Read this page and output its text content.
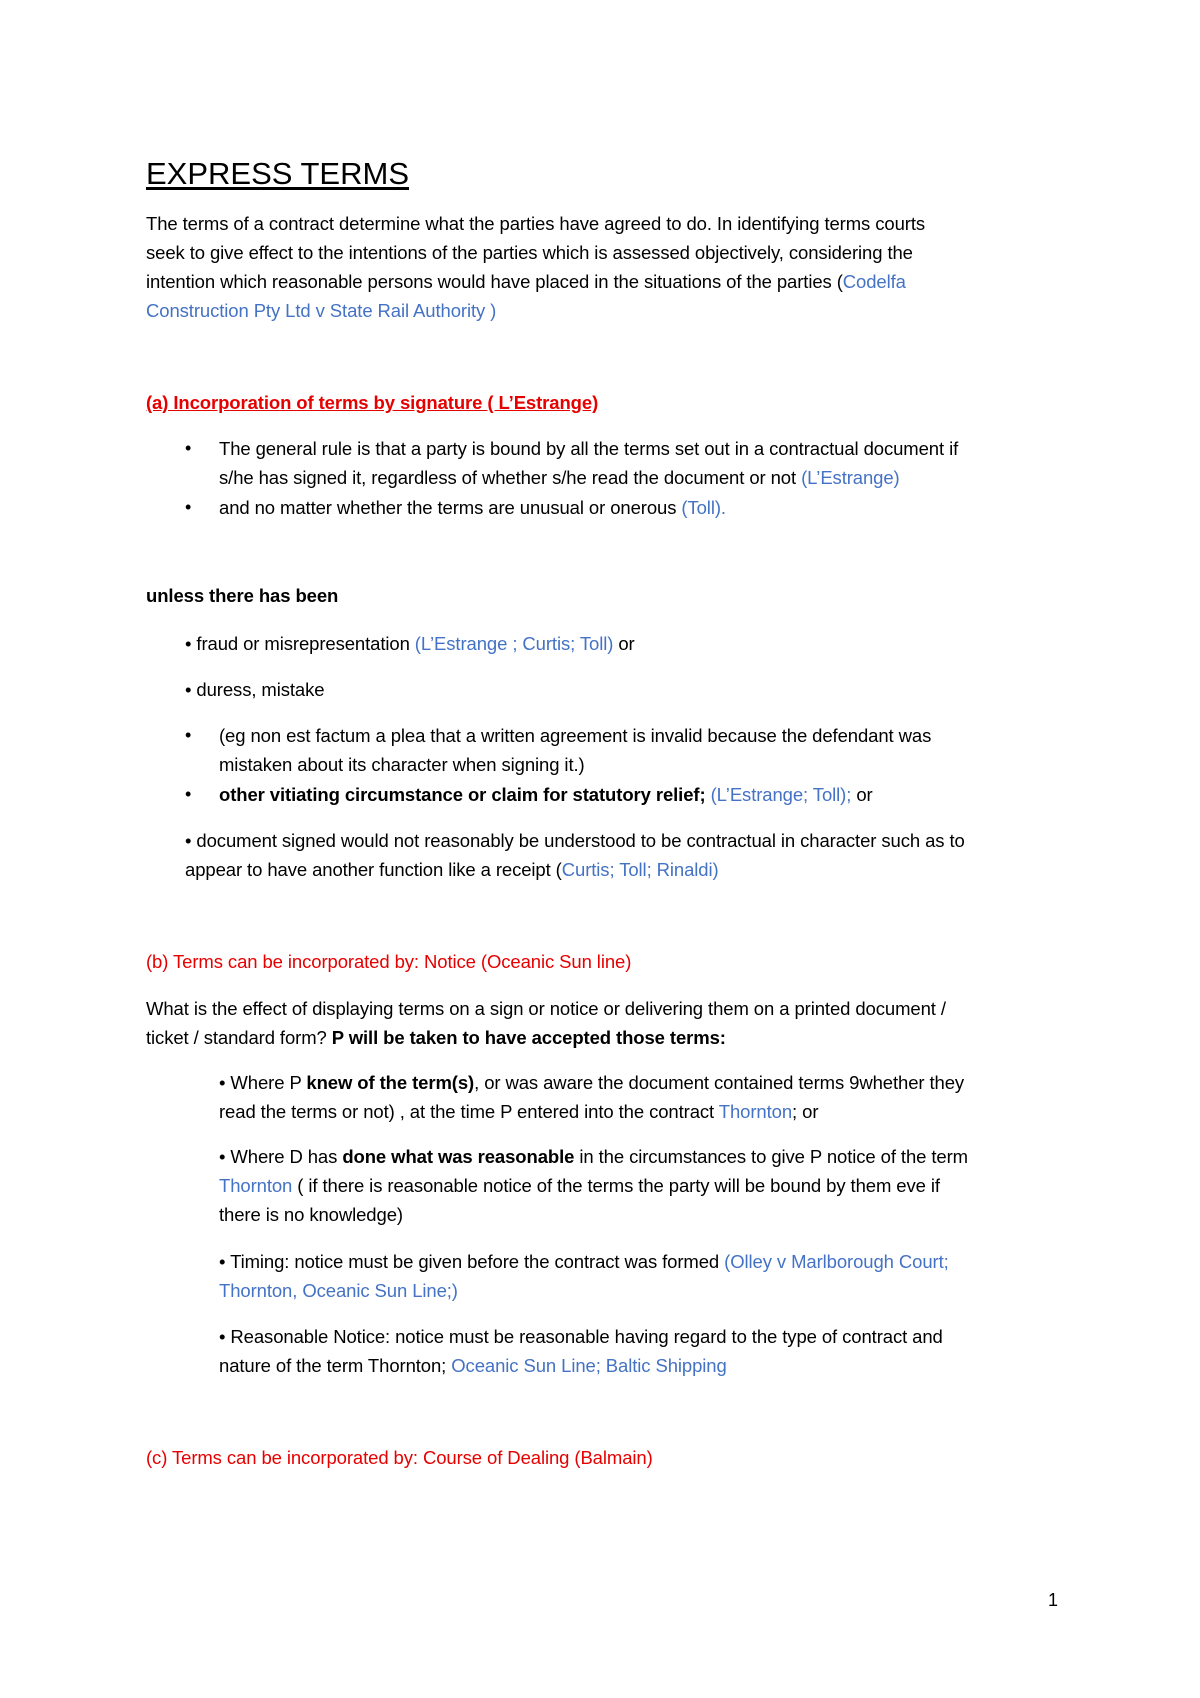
EXPRESS TERMS
The terms of a contract determine what the parties have agreed to do. In identifying terms courts
seek to give effect to the intentions of the parties which is assessed objectively, considering the
intention which reasonable persons would have placed in the situations of the parties (Codelfa
Construction Pty Ltd v State Rail Authority )
(a) Incorporation of terms by signature ( L’Estrange)
• The general rule is that a party is bound by all the terms set out in a contractual document if
s/he has signed it, regardless of whether s/he read the document or not (L’Estrange)
• and no matter whether the terms are unusual or onerous (Toll).
unless there has been
• fraud or misrepresentation (L’Estrange ; Curtis; Toll) or
• duress, mistake
• (eg non est factum a plea that a written agreement is invalid because the defendant was
mistaken about its character when signing it.)
• other vitiating circumstance or claim for statutory relief; (L’Estrange; Toll); or
• document signed would not reasonably be understood to be contractual in character such as to
appear to have another function like a receipt (Curtis; Toll; Rinaldi)
(b) Terms can be incorporated by: Notice (Oceanic Sun line)
What is the effect of displaying terms on a sign or notice or delivering them on a printed document /
ticket / standard form? P will be taken to have accepted those terms:
• Where P knew of the term(s), or was aware the document contained terms 9whether they
read the terms or not) , at the time P entered into the contract Thornton; or
• Where D has done what was reasonable in the circumstances to give P notice of the term
Thornton ( if there is reasonable notice of the terms the party will be bound by them eve if
there is no knowledge)
• Timing: notice must be given before the contract was formed (Olley v Marlborough Court;
Thornton, Oceanic Sun Line;)
• Reasonable Notice: notice must be reasonable having regard to the type of contract and
nature of the term Thornton; Oceanic Sun Line; Baltic Shipping
(c) Terms can be incorporated by: Course of Dealing (Balmain)
1
